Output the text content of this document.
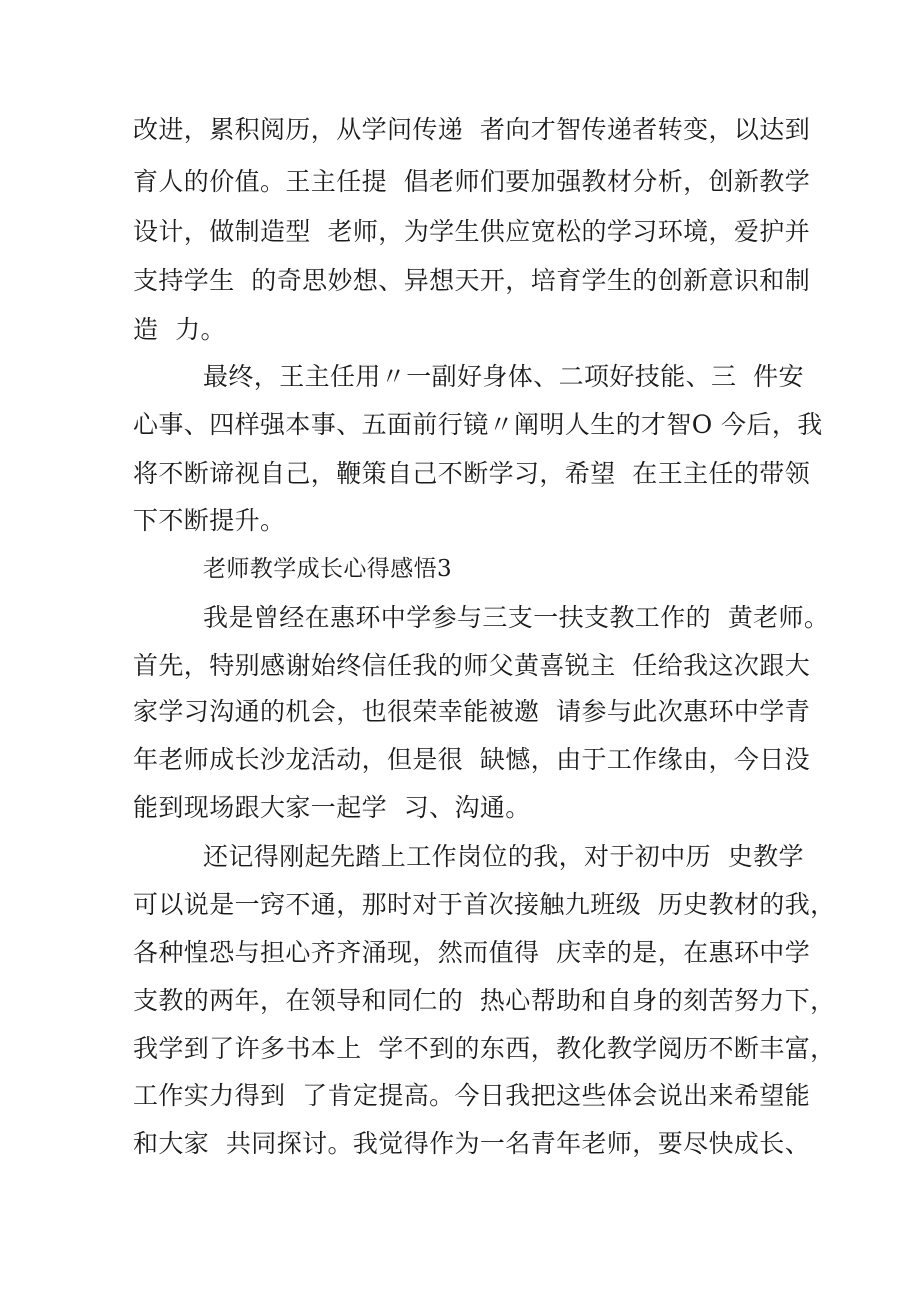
改进，累积阅历，从学问传递  者向才智传递者转变，以达到
育人的价值。王主任提  倡老师们要加强教材分析，创新教学
设计，做制造型  老师，为学生供应宽松的学习环境，爱护并
支持学生  的奇思妙想、异想天开，培育学生的创新意识和制
造  力。
最终，王主任用〃一副好身体、二项好技能、三  件安
心事、四样强本事、五面前行镜〃阐明人生的才智O 今后，我
将不断谛视自己，鞭策自己不断学习，希望  在王主任的带领
下不断提升。
老师教学成长心得感悟3
我是曾经在惠环中学参与三支一扶支教工作的  黄老师。
首先，特别感谢始终信任我的师父黄喜锐主  任给我这次跟大
家学习沟通的机会，也很荣幸能被邀  请参与此次惠环中学青
年老师成长沙龙活动，但是很  缺憾，由于工作缘由，今日没
能到现场跟大家一起学  习、沟通。
还记得刚起先踏上工作岗位的我，对于初中历  史教学
可以说是一窍不通，那时对于首次接触九班级  历史教材的我，
各种惶恐与担心齐齐涌现，然而值得  庆幸的是，在惠环中学
支教的两年，在领导和同仁的  热心帮助和自身的刻苦努力下，
我学到了许多书本上  学不到的东西，教化教学阅历不断丰富，
工作实力得到  了肯定提高。今日我把这些体会说出来希望能
和大家  共同探讨。我觉得作为一名青年老师，要尽快成长、
